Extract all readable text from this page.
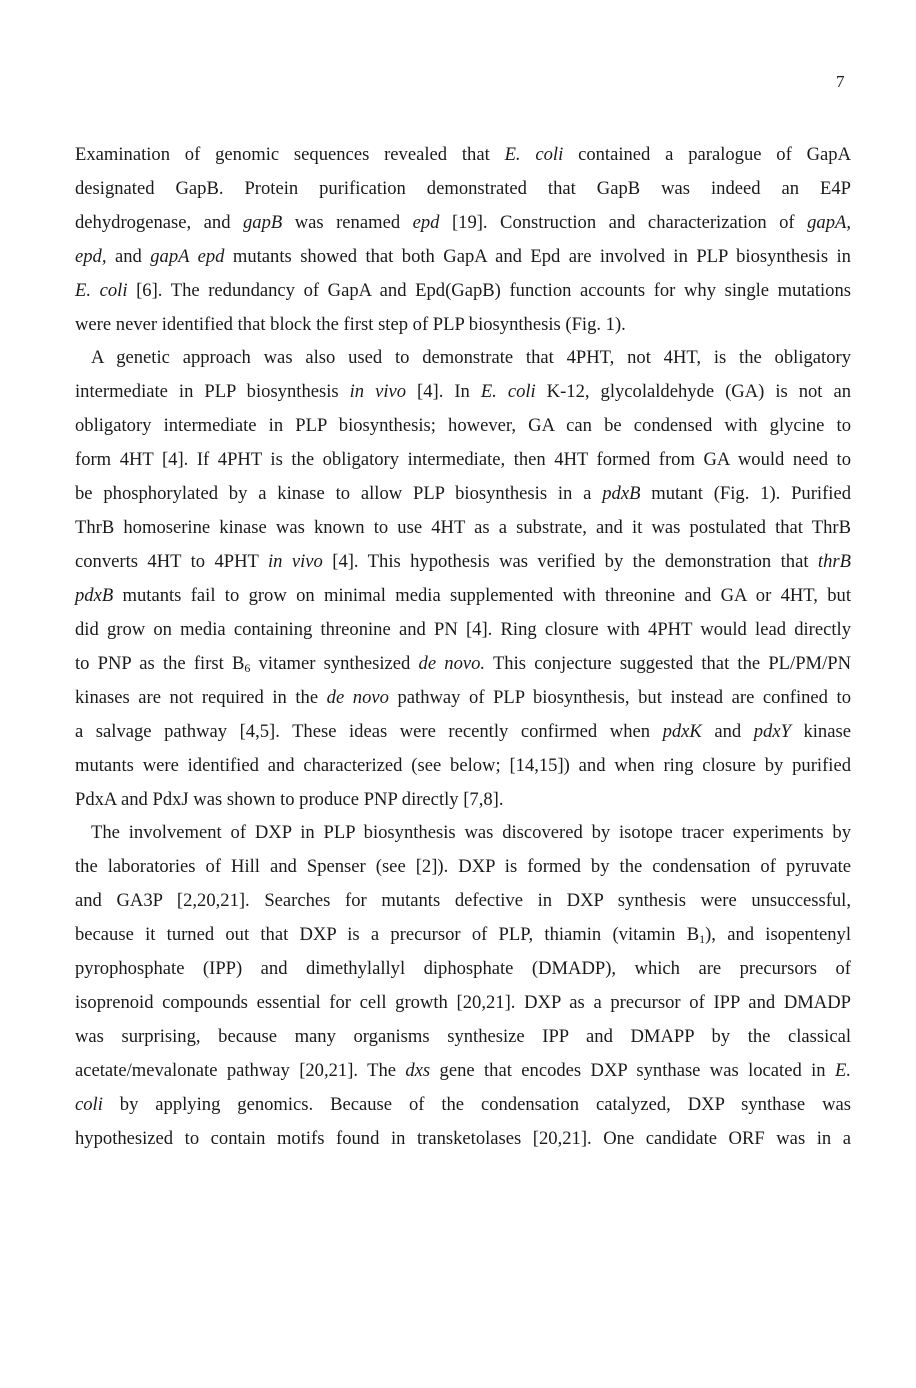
7
Examination of genomic sequences revealed that E. coli contained a paralogue of GapA
designated GapB. Protein purification demonstrated that GapB was indeed an E4P
dehydrogenase, and gapB was renamed epd [19]. Construction and characterization of gapA,
epd, and gapA epd mutants showed that both GapA and Epd are involved in PLP biosynthesis in
E. coli [6]. The redundancy of GapA and Epd(GapB) function accounts for why single mutations
were never identified that block the first step of PLP biosynthesis (Fig. 1).
A genetic approach was also used to demonstrate that 4PHT, not 4HT, is the obligatory
intermediate in PLP biosynthesis in vivo [4]. In E. coli K-12, glycolaldehyde (GA) is not an
obligatory intermediate in PLP biosynthesis; however, GA can be condensed with glycine to
form 4HT [4]. If 4PHT is the obligatory intermediate, then 4HT formed from GA would need to
be phosphorylated by a kinase to allow PLP biosynthesis in a pdxB mutant (Fig. 1). Purified
ThrB homoserine kinase was known to use 4HT as a substrate, and it was postulated that ThrB
converts 4HT to 4PHT in vivo [4]. This hypothesis was verified by the demonstration that thrB
pdxB mutants fail to grow on minimal media supplemented with threonine and GA or 4HT, but
did grow on media containing threonine and PN [4]. Ring closure with 4PHT would lead directly
to PNP as the first $B_6$ vitamer synthesized de novo. This conjecture suggested that the PL/PM/PN
kinases are not required in the de novo pathway of PLP biosynthesis, but instead are confined to
a salvage pathway [4,5]. These ideas were recently confirmed when pdxK and pdxY kinase
mutants were identified and characterized (see below; [14,15]) and when ring closure by purified
PdxA and PdxJ was shown to produce PNP directly [7,8].
The involvement of DXP in PLP biosynthesis was discovered by isotope tracer experiments by
the laboratories of Hill and Spenser (see [2]). DXP is formed by the condensation of pyruvate
and GA3P [2,20,21]. Searches for mutants defective in DXP synthesis were unsuccessful,
because it turned out that DXP is a precursor of PLP, thiamin (vitamin $B_1$), and isopentenyl
pyrophosphate (IPP) and dimethylallyl diphosphate (DMADP), which are precursors of
isoprenoid compounds essential for cell growth [20,21]. DXP as a precursor of IPP and DMADP
was surprising, because many organisms synthesize IPP and DMAPP by the classical
acetate/mevalonate pathway [20,21]. The dxs gene that encodes DXP synthase was located in E.
coli by applying genomics. Because of the condensation catalyzed, DXP synthase was
hypothesized to contain motifs found in transketolases [20,21]. One candidate ORF was in a
